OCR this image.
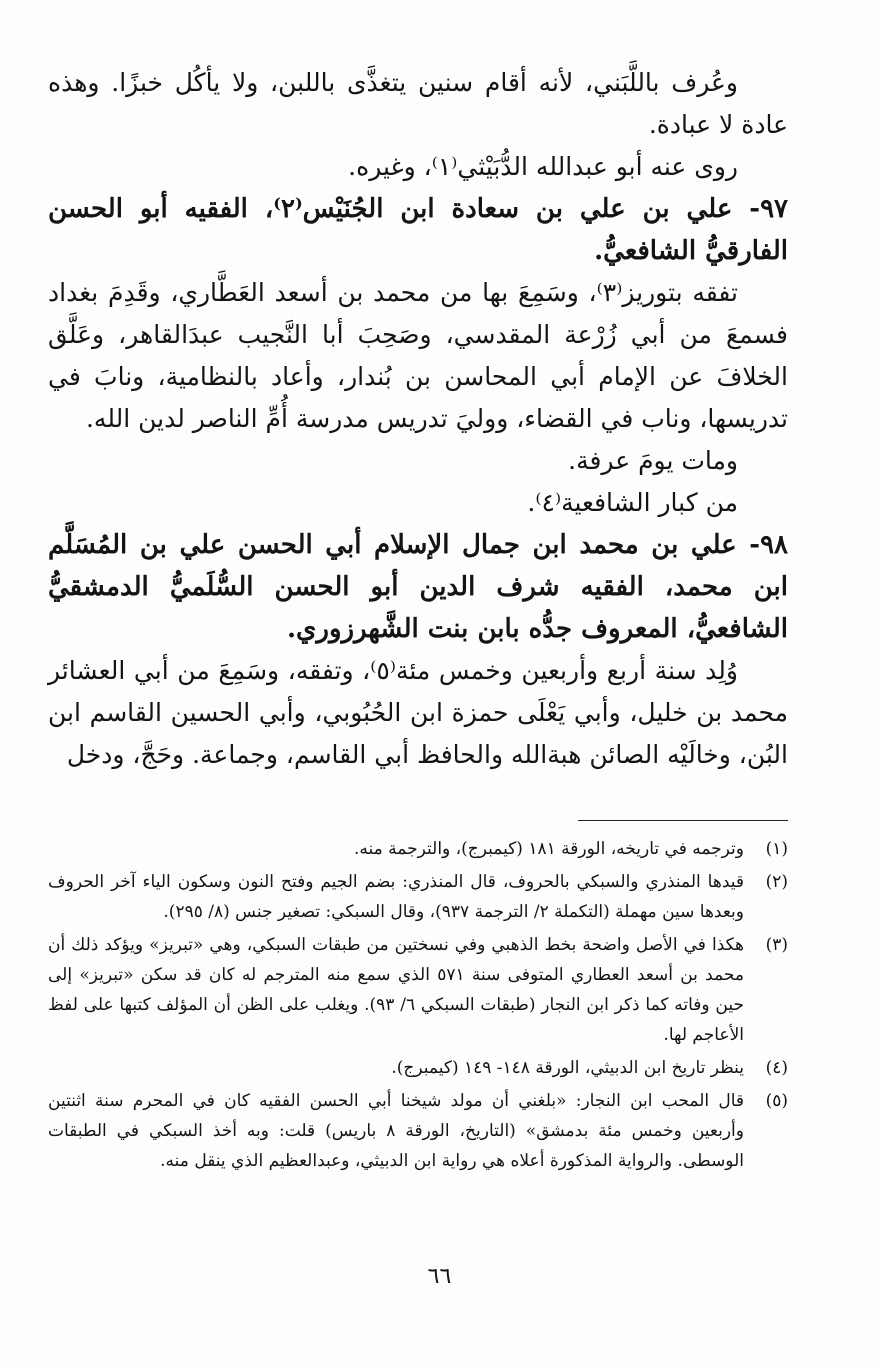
وعُرف باللَّبَني، لأنه أقام سنين يتغذَّى باللبن، ولا يأكُل خبزًا. وهذه عادة لا عبادة.

روى عنه أبو عبدالله الدُّبَيْثي⁽١⁾، وغيره.

٩٧- علي بن علي بن سعادة ابن الجُنَيْس⁽٢⁾، الفقيه أبو الحسن الفارقيُّ الشافعيُّ.

تفقه بتوريز⁽٣⁾، وسَمِعَ بها من محمد بن أسعد العَطَّاري، وقَدِمَ بغداد فسمعَ من أبي زُرْعة المقدسي، وصَحِبَ أبا النَّجيب عبدَالقاهر، وعَلَّق الخلافَ عن الإمام أبي المحاسن بن بُندار، وأعاد بالنظامية، ونابَ في تدريسها، وناب في القضاء، ووليَ تدريس مدرسة أُمِّ الناصر لدين الله.

ومات يومَ عرفة.

من كبار الشافعية⁽٤⁾.

٩٨- علي بن محمد ابن جمال الإسلام أبي الحسن علي بن المُسَلَّم ابن محمد، الفقيه شرف الدين أبو الحسن السُّلَميُّ الدمشقيُّ الشافعيُّ، المعروف جدُّه بابن بنت الشَّهرزوري.

وُلِد سنة أربع وأربعين وخمس مئة⁽٥⁾، وتفقه، وسَمِعَ من أبي العشائر محمد بن خليل، وأبي يَعْلَى حمزة ابن الحُبُوبي، وأبي الحسين القاسم ابن البُن، وخالَيْه الصائن هبةالله والحافظ أبي القاسم، وجماعة. وحَجَّ، ودخل

(١)
وترجمه في تاريخه، الورقة ١٨١ (كيمبرج)، والترجمة منه.
(٢)
قيدها المنذري والسبكي بالحروف، قال المنذري: بضم الجيم وفتح النون وسكون الياء آخر الحروف وبعدها سين مهملة (التكملة ٢/ الترجمة ٩٣٧)، وقال السبكي: تصغير جنس (٨/ ٢٩٥).
(٣)
هكذا في الأصل واضحة بخط الذهبي وفي نسختين من طبقات السبكي، وهي «تبريز» ويؤكد ذلك أن محمد بن أسعد العطاري المتوفى سنة ٥٧١ الذي سمع منه المترجم له كان قد سكن «تبريز» إلى حين وفاته كما ذكر ابن النجار (طبقات السبكي ٦/ ٩٣). ويغلب على الظن أن المؤلف كتبها على لفظ الأعاجم لها.
(٤)
ينظر تاريخ ابن الدبيثي، الورقة ١٤٨- ١٤٩ (كيمبرج).
(٥)
قال المحب ابن النجار: «بلغني أن مولد شيخنا أبي الحسن الفقيه كان في المحرم سنة اثنتين وأربعين وخمس مئة بدمشق» (التاريخ، الورقة ٨ باريس) قلت: وبه أخذ السبكي في الطبقات الوسطى. والرواية المذكورة أعلاه هي رواية ابن الدبيثي، وعبدالعظيم الذي ينقل منه.
٦٦
